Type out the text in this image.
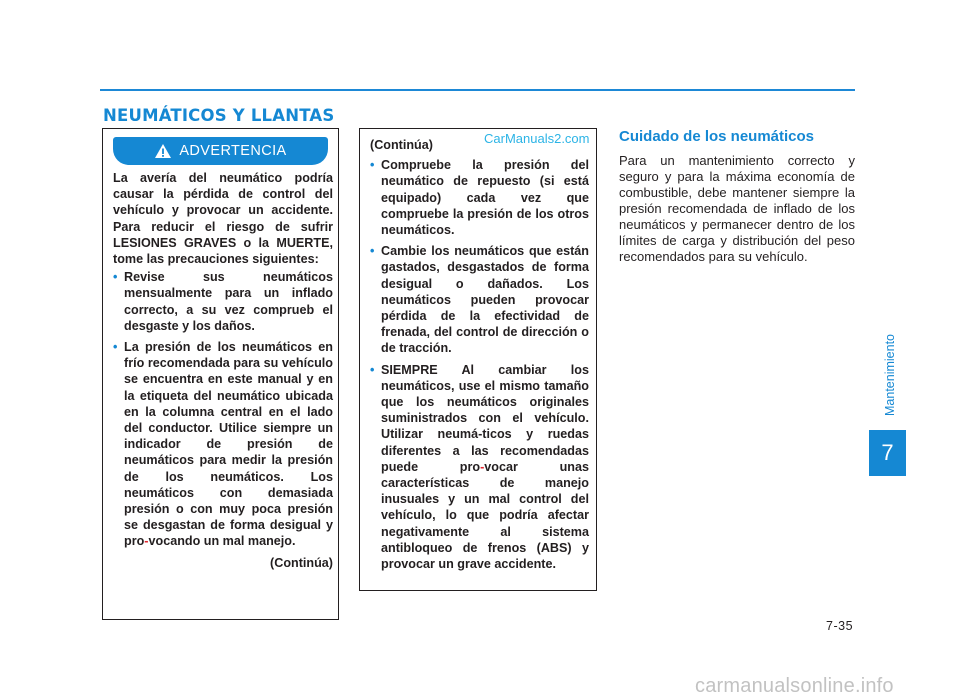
NEUMÁTICOS Y LLANTAS
CarManuals2.com
ADVERTENCIA

La avería del neumático podría causar la pérdida de control del vehículo y provocar un accidente. Para reducir el riesgo de sufrir LESIONES GRAVES o la MUERTE, tome las precauciones siguientes:

• Revise sus neumáticos mensualmente para un inflado correcto, a su vez comprueb el desgaste y los daños.
• La presión de los neumáticos en frío recomendada para su vehículo se encuentra en este manual y en la etiqueta del neumático ubicada en la columna central en el lado del conductor. Utilice siempre un indicador de presión de neumáticos para medir la presión de los neumáticos. Los neumáticos con demasiada presión o con muy poca presión se desgastan de forma desigual y pro-vocando un mal manejo.

(Continúa)

(Continúa)

• Compruebe la presión del neumático de repuesto (si está equipado) cada vez que compruebe la presión de los otros neumáticos.
• Cambie los neumáticos que están gastados, desgastados de forma desigual o dañados. Los neumáticos pueden provocar pérdida de la efectividad de frenada, del control de dirección o de tracción.
• SIEMPRE Al cambiar los neumáticos, use el mismo tamaño que los neumáticos originales suministrados con el vehículo. Utilizar neumá-ticos y ruedas diferentes a las recomendadas puede pro-vocar unas características de manejo inusuales y un mal control del vehículo, lo que podría afectar negativamente al sistema antibloqueo de frenos (ABS) y provocar un grave accidente.
Cuidado de los neumáticos

Para un mantenimiento correcto y seguro y para la máxima economía de combustible, debe mantener siempre la presión recomendada de inflado de los neumáticos y permanecer dentro de los límites de carga y distribución del peso recomendados para su vehículo.

Mantenimiento
7
7-35
carmanualsonline.info
